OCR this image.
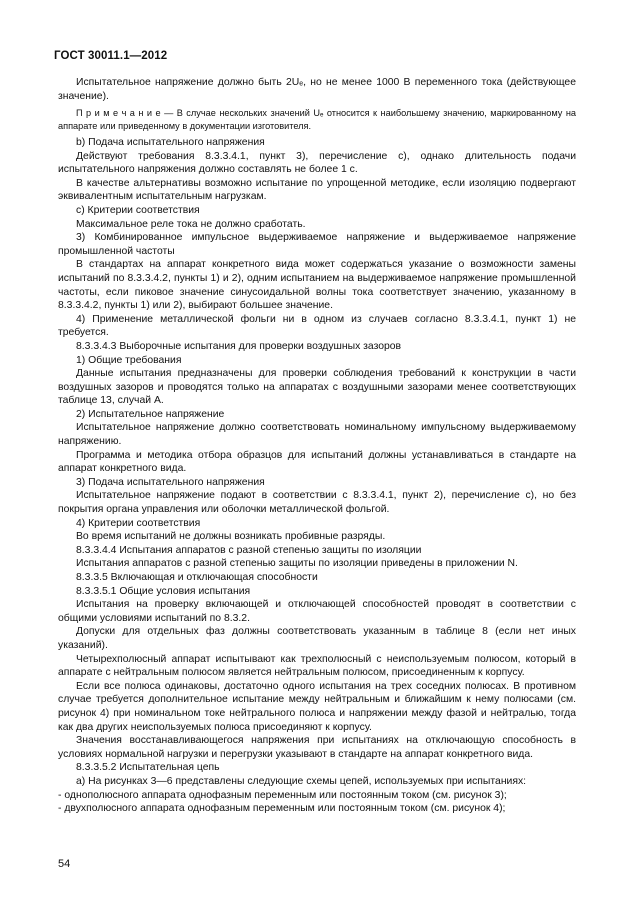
ГОСТ 30011.1—2012

Испытательное напряжение должно быть 2Uₑ, но не менее 1000 В переменного тока (действующее значение).

П р и м е ч а н и е — В случае нескольких значений Uₑ относится к наибольшему значению, маркированному на аппарате или приведенному в документации изготовителя.

b) Подача испытательного напряжения

Действуют требования 8.3.3.4.1, пункт 3), перечисление с), однако длительность подачи испытательного напряжения должно составлять не более 1 с.

В качестве альтернативы возможно испытание по упрощенной методике, если изоляцию подвергают эквивалентным испытательным нагрузкам.

с) Критерии соответствия

Максимальное реле тока не должно сработать.

3) Комбинированное импульсное выдерживаемое напряжение и выдерживаемое напряжение промышленной частоты

В стандартах на аппарат конкретного вида может содержаться указание о возможности замены испытаний по 8.3.3.4.2, пункты 1) и 2), одним испытанием на выдерживаемое напряжение промышленной частоты, если пиковое значение синусоидальной волны тока соответствует значению, указанному в 8.3.3.4.2, пункты 1) или 2), выбирают большее значение.

4) Применение металлической фольги ни в одном из случаев согласно 8.3.3.4.1, пункт 1) не требуется.

8.3.3.4.3 Выборочные испытания для проверки воздушных зазоров

1) Общие требования

Данные испытания предназначены для проверки соблюдения требований к конструкции в части воздушных зазоров и проводятся только на аппаратах с воздушными зазорами менее соответствующих таблице 13, случай А.

2) Испытательное напряжение

Испытательное напряжение должно соответствовать номинальному импульсному выдерживаемому напряжению.

Программа и методика отбора образцов для испытаний должны устанавливаться в стандарте на аппарат конкретного вида.

3) Подача испытательного напряжения

Испытательное напряжение подают в соответствии с 8.3.3.4.1, пункт 2), перечисление с), но без покрытия органа управления или оболочки металлической фольгой.

4) Критерии соответствия

Во время испытаний не должны возникать пробивные разряды.

8.3.3.4.4 Испытания аппаратов с разной степенью защиты по изоляции

Испытания аппаратов с разной степенью защиты по изоляции приведены в приложении N.

8.3.3.5 Включающая и отключающая способности

8.3.3.5.1 Общие условия испытания

Испытания на проверку включающей и отключающей способностей проводят в соответствии с общими условиями испытаний по 8.3.2.

Допуски для отдельных фаз должны соответствовать указанным в таблице 8 (если нет иных указаний).

Четырехполюсный аппарат испытывают как трехполюсный с неиспользуемым полюсом, который в аппарате с нейтральным полюсом является нейтральным полюсом, присоединенным к корпусу.

Если все полюса одинаковы, достаточно одного испытания на трех соседних полюсах. В противном случае требуется дополнительное испытание между нейтральным и ближайшим к нему полюсами (см. рисунок 4) при номинальном токе нейтрального полюса и напряжении между фазой и нейтралью, тогда как два других неиспользуемых полюса присоединяют к корпусу.

Значения восстанавливающегося напряжения при испытаниях на отключающую способность в условиях нормальной нагрузки и перегрузки указывают в стандарте на аппарат конкретного вида.

8.3.3.5.2 Испытательная цепь

а) На рисунках 3—6 представлены следующие схемы цепей, используемых при испытаниях:

- однополюсного аппарата однофазным переменным или постоянным током (см. рисунок 3);
- двухполюсного аппарата однофазным переменным или постоянным током (см. рисунок 4);
54
